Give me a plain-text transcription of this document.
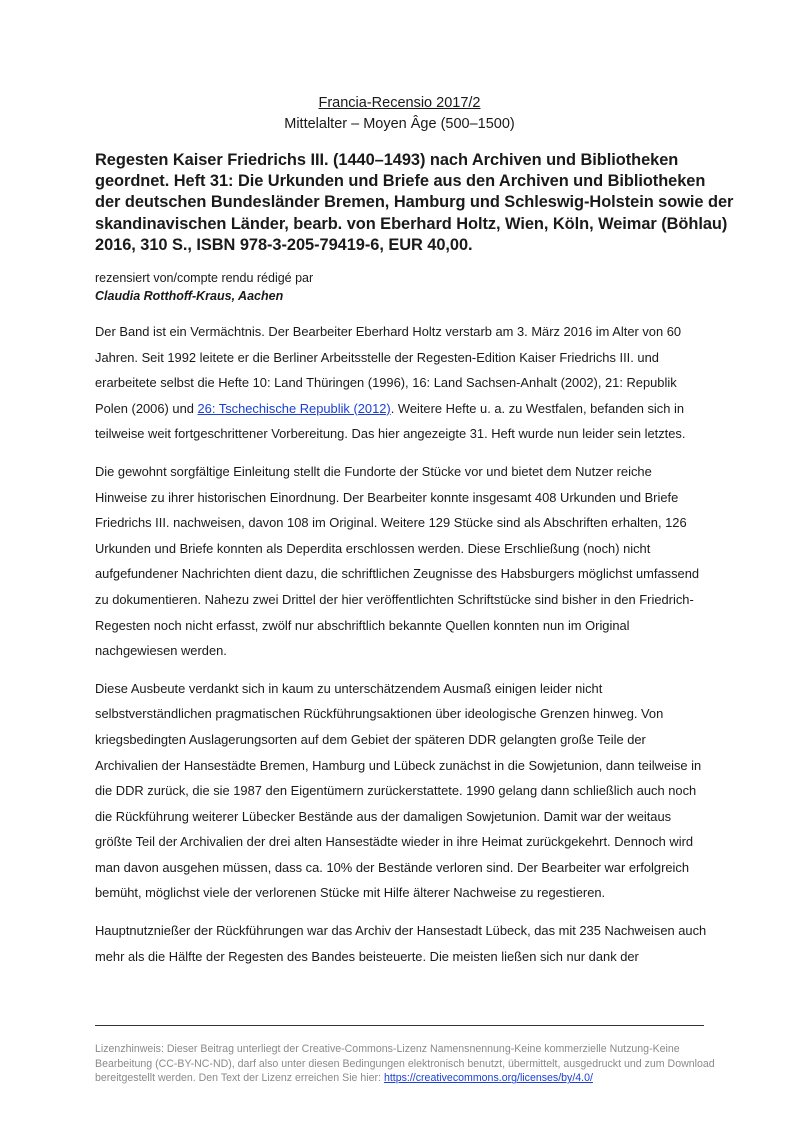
Francia-Recensio 2017/2
Mittelalter – Moyen Âge (500–1500)
Regesten Kaiser Friedrichs III. (1440–1493) nach Archiven und Bibliotheken geordnet. Heft 31: Die Urkunden und Briefe aus den Archiven und Bibliotheken der deutschen Bundesländer Bremen, Hamburg und Schleswig-Holstein sowie der skandinavischen Länder, bearb. von Eberhard Holtz, Wien, Köln, Weimar (Böhlau) 2016, 310 S., ISBN 978-3-205-79419-6, EUR 40,00.
rezensiert von/compte rendu rédigé par
Claudia Rotthoff-Kraus, Aachen

Der Band ist ein Vermächtnis. Der Bearbeiter Eberhard Holtz verstarb am 3. März 2016 im Alter von 60 Jahren. Seit 1992 leitete er die Berliner Arbeitsstelle der Regesten-Edition Kaiser Friedrichs III. und erarbeitete selbst die Hefte 10: Land Thüringen (1996), 16: Land Sachsen-Anhalt (2002), 21: Republik Polen (2006) und 26: Tschechische Republik (2012). Weitere Hefte u. a. zu Westfalen, befanden sich in teilweise weit fortgeschrittener Vorbereitung. Das hier angezeigte 31. Heft wurde nun leider sein letztes.

Die gewohnt sorgfältige Einleitung stellt die Fundorte der Stücke vor und bietet dem Nutzer reiche Hinweise zu ihrer historischen Einordnung. Der Bearbeiter konnte insgesamt 408 Urkunden und Briefe Friedrichs III. nachweisen, davon 108 im Original. Weitere 129 Stücke sind als Abschriften erhalten, 126 Urkunden und Briefe konnten als Deperdita erschlossen werden. Diese Erschließung (noch) nicht aufgefundener Nachrichten dient dazu, die schriftlichen Zeugnisse des Habsburgers möglichst umfassend zu dokumentieren. Nahezu zwei Drittel der hier veröffentlichten Schriftstücke sind bisher in den Friedrich-Regesten noch nicht erfasst, zwölf nur abschriftlich bekannte Quellen konnten nun im Original nachgewiesen werden.

Diese Ausbeute verdankt sich in kaum zu unterschätzendem Ausmaß einigen leider nicht selbstverständlichen pragmatischen Rückführungsaktionen über ideologische Grenzen hinweg. Von kriegsbedingten Auslagerungsorten auf dem Gebiet der späteren DDR gelangten große Teile der Archivalien der Hansestädte Bremen, Hamburg und Lübeck zunächst in die Sowjetunion, dann teilweise in die DDR zurück, die sie 1987 den Eigentümern zurückerstattete. 1990 gelang dann schließlich auch noch die Rückführung weiterer Lübecker Bestände aus der damaligen Sowjetunion. Damit war der weitaus größte Teil der Archivalien der drei alten Hansestädte wieder in ihre Heimat zurückgekehrt. Dennoch wird man davon ausgehen müssen, dass ca. 10% der Bestände verloren sind. Der Bearbeiter war erfolgreich bemüht, möglichst viele der verlorenen Stücke mit Hilfe älterer Nachweise zu regestieren.

Hauptnutznießer der Rückführungen war das Archiv der Hansestadt Lübeck, das mit 235 Nachweisen auch mehr als die Hälfte der Regesten des Bandes beisteuerte. Die meisten ließen sich nur dank der

Lizenzhinweis: Dieser Beitrag unterliegt der Creative-Commons-Lizenz Namensnennung-Keine kommerzielle Nutzung-Keine Bearbeitung (CC-BY-NC-ND), darf also unter diesen Bedingungen elektronisch benutzt, übermittelt, ausgedruckt und zum Download bereitgestellt werden. Den Text der Lizenz erreichen Sie hier: https://creativecommons.org/licenses/by/4.0/
